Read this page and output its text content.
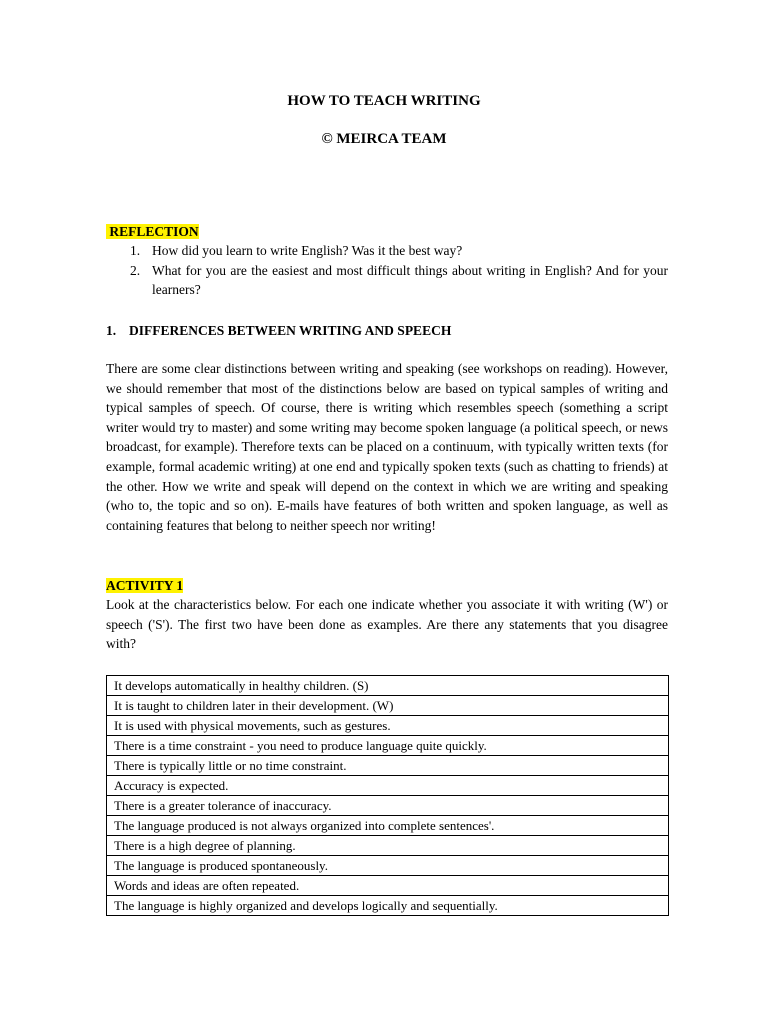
HOW TO TEACH WRITING
© MEIRCA TEAM
REFLECTION
1. How did you learn to write English? Was it the best way?
2. What for you are the easiest and most difficult things about writing in English? And for your learners?
1. DIFFERENCES BETWEEN WRITING AND SPEECH
There are some clear distinctions between writing and speaking (see workshops on reading). However, we should remember that most of the distinctions below are based on typical samples of writing and typical samples of speech. Of course, there is writing which resembles speech (something a script writer would try to master) and some writing may become spoken language (a political speech, or news broadcast, for example). Therefore texts can be placed on a continuum, with typically written texts (for example, formal academic writing) at one end and typically spoken texts (such as chatting to friends) at the other. How we write and speak will depend on the context in which we are writing and speaking (who to, the topic and so on). E-mails have features of both written and spoken language, as well as containing features that belong to neither speech nor writing!
ACTIVITY 1
Look at the characteristics below. For each one indicate whether you associate it with writing (W') or speech ('S'). The first two have been done as examples. Are there any statements that you disagree with?
It develops automatically in healthy children. (S)
It is taught to children later in their development. (W)
It is used with physical movements, such as gestures.
There is a time constraint - you need to produce language quite quickly.
There is typically little or no time constraint.
Accuracy is expected.
There is a greater tolerance of inaccuracy.
The language produced is not always organized into complete sentences'.
There is a high degree of planning.
The language is produced spontaneously.
Words and ideas are often repeated.
The language is highly organized and develops logically and sequentially.
